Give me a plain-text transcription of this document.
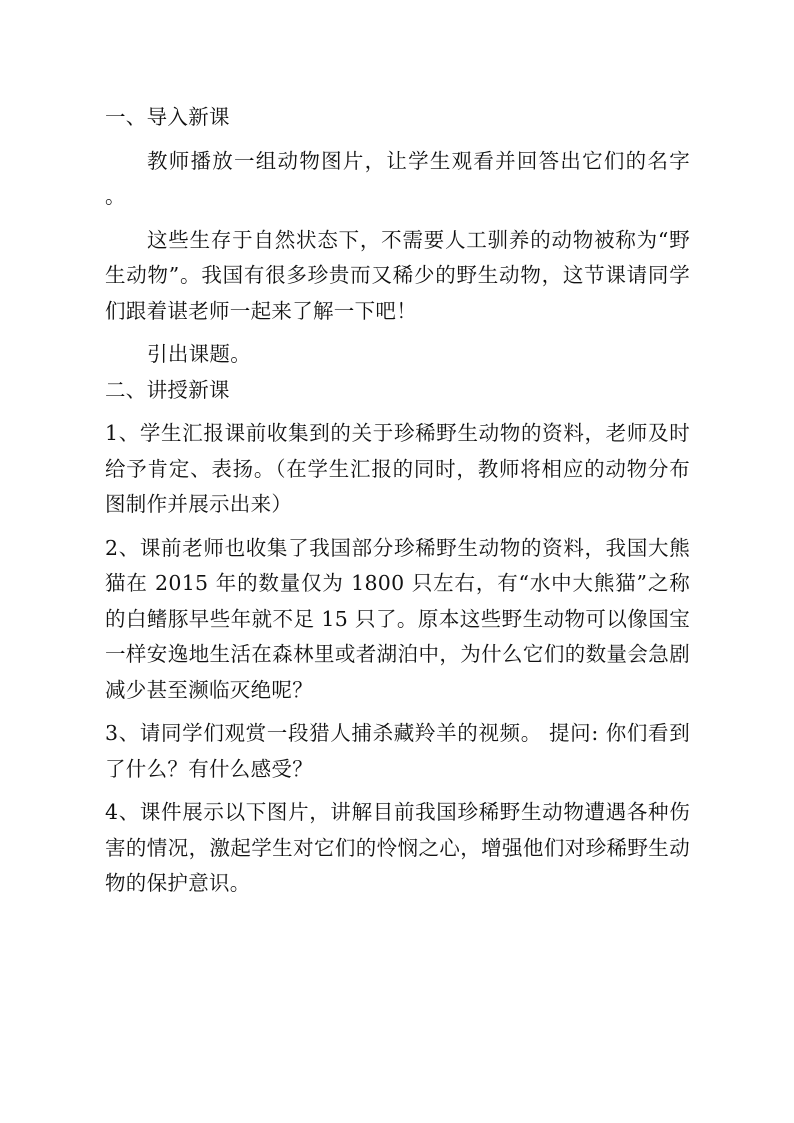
一、导入新课

教师播放一组动物图片，让学生观看并回答出它们的名字 。

这些生存于自然状态下，不需要人工驯养的动物被称为“野生动物”。我国有很多珍贵而又稀少的野生动物，这节课请同学们跟着谌老师一起来了解一下吧！

引出课题。

二、讲授新课

1、学生汇报课前收集到的关于珍稀野生动物的资料，老师及时给予肯定、表扬。（在学生汇报的同时，教师将相应的动物分布图制作并展示出来）

2、课前老师也收集了我国部分珍稀野生动物的资料，我国大熊猫在 2015 年的数量仅为 1800 只左右，有“水中大熊猫”之称的白鳍豚早些年就不足 15 只了。原本这些野生动物可以像国宝一样安逸地生活在森林里或者湖泊中，为什么它们的数量会急剧减少甚至濒临灭绝呢？

3、请同学们观赏一段猎人捕杀藏羚羊的视频。 提问: 你们看到了什么？有什么感受？

4、课件展示以下图片，讲解目前我国珍稀野生动物遭遇各种伤害的情况，激起学生对它们的怜悯之心，增强他们对珍稀野生动物的保护意识。
